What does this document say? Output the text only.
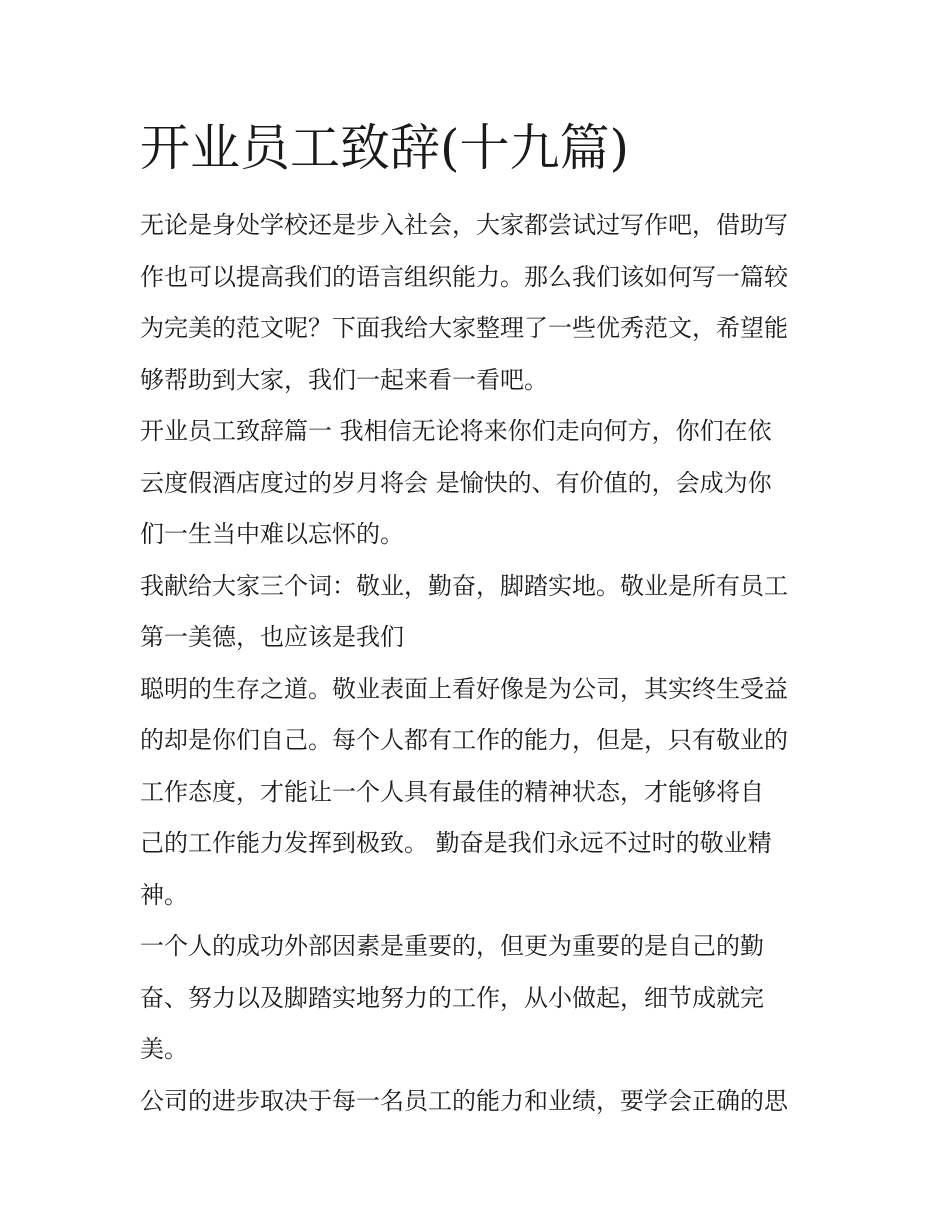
开业员工致辞(十九篇)
无论是身处学校还是步入社会，大家都尝试过写作吧，借助写
作也可以提高我们的语言组织能力。那么我们该如何写一篇较
为完美的范文呢？下面我给大家整理了一些优秀范文，希望能
够帮助到大家，我们一起来看一看吧。
开业员工致辞篇一 我相信无论将来你们走向何方，你们在依
云度假酒店度过的岁月将会 是愉快的、有价值的，会成为你
们一生当中难以忘怀的。
我献给大家三个词：敬业，勤奋，脚踏实地。敬业是所有员工
第一美德，也应该是我们
聪明的生存之道。敬业表面上看好像是为公司，其实终生受益
的却是你们自己。每个人都有工作的能力，但是，只有敬业的
工作态度，才能让一个人具有最佳的精神状态，才能够将自
己的工作能力发挥到极致。 勤奋是我们永远不过时的敬业精
神。
一个人的成功外部因素是重要的，但更为重要的是自己的勤
奋、努力以及脚踏实地努力的工作，从小做起，细节成就完
美。
公司的进步取决于每一名员工的能力和业绩，要学会正确的思
